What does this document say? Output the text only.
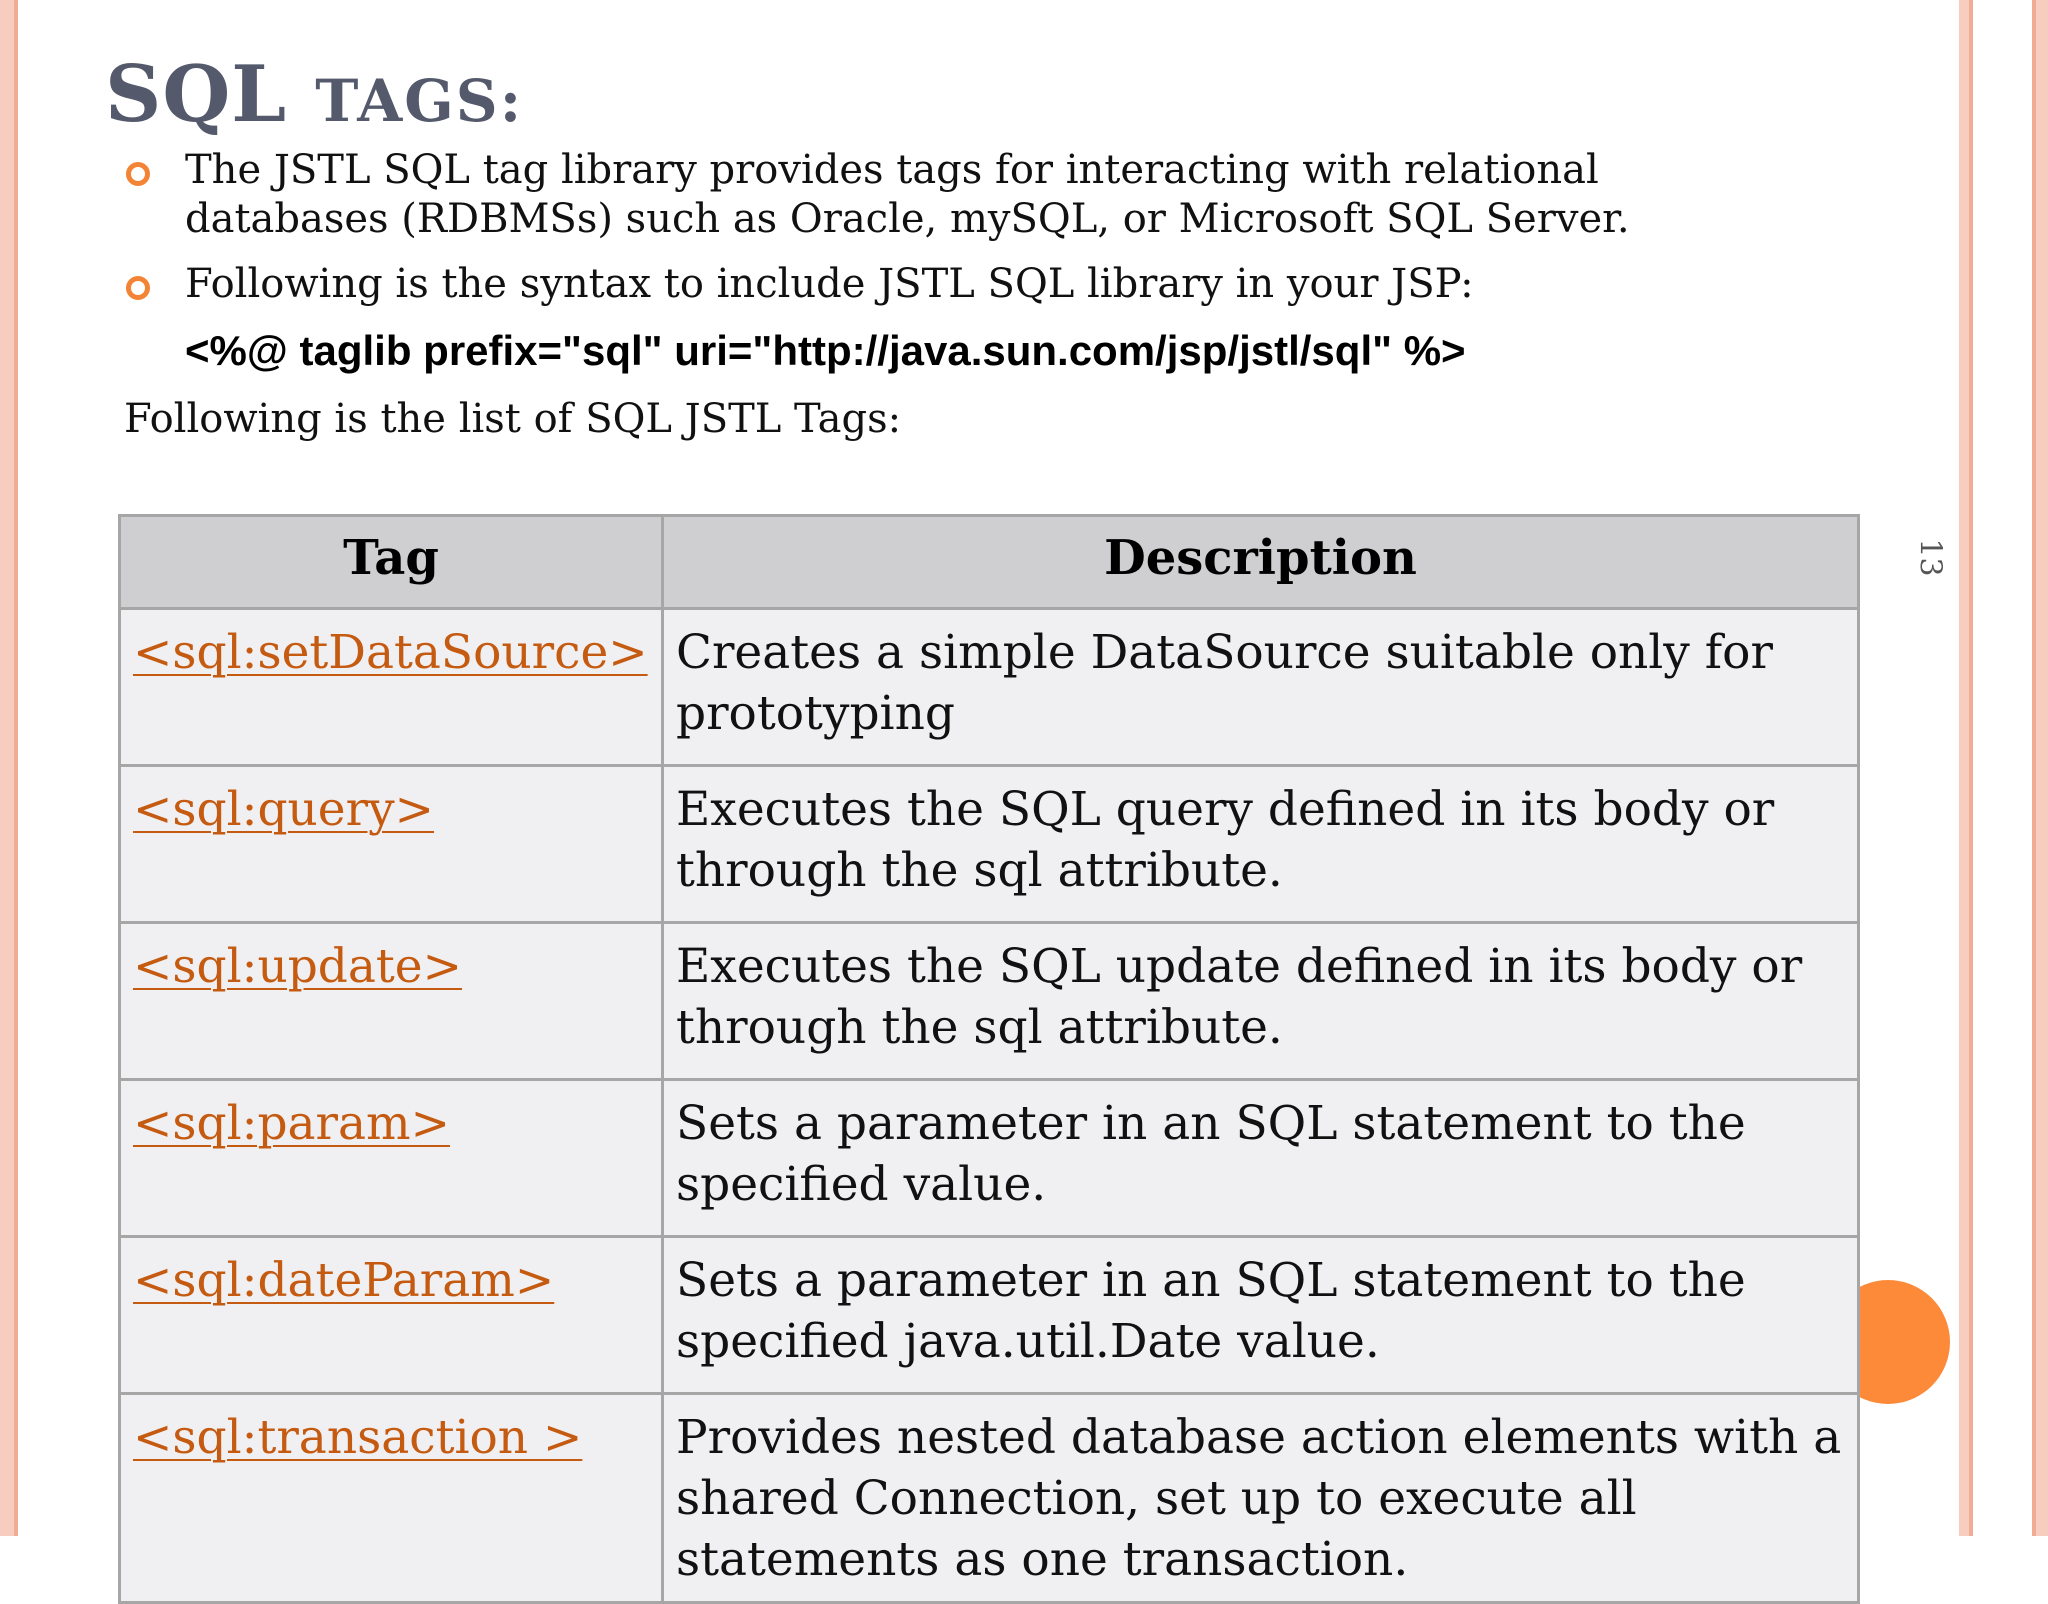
13
SQL TAGS:
The JSTL SQL tag library provides tags for interacting with relational databases (RDBMSs) such as Oracle, mySQL, or Microsoft SQL Server.
Following is the syntax to include JSTL SQL library in your JSP:
<%@ taglib prefix="sql" uri="http://java.sun.com/jsp/jstl/sql" %>
Following is the list of SQL JSTL Tags:
Tag	Description
<sql:setDataSource>	Creates a simple DataSource suitable only for prototyping
<sql:query>	Executes the SQL query defined in its body or through the sql attribute.
<sql:update>	Executes the SQL update defined in its body or through the sql attribute.
<sql:param>	Sets a parameter in an SQL statement to the specified value.
<sql:dateParam>	Sets a parameter in an SQL statement to the specified java.util.Date value.
<sql:transaction >	Provides nested database action elements with a shared Connection, set up to execute all statements as one transaction.
